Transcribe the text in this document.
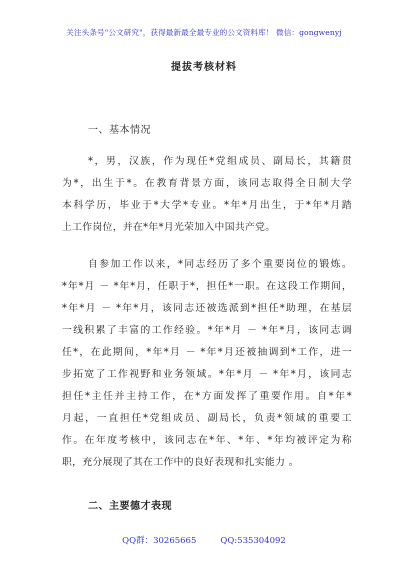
关注头条号"公文研究"，获得最新最全最专业的公文资料库！ 微信：gongwenyj
提拔考核材料
一、基本情况
*，男，汉族，作为现任*党组成员、副局长，其籍贯
为*，出生于*。在教育背景方面，该同志取得全日制大学
本科学历，毕业于*大学*专业。*年*月出生，于*年*月踏
上工作岗位，并在*年*月光荣加入中国共产党。
自参加工作以来，*同志经历了多个重要岗位的锻炼。
*年*月 － *年*月，任职于*，担任*一职。在这段工作期间，
*年*月 － *年*月，该同志还被选派到*担任*助理，在基层
一线积累了丰富的工作经验。*年*月 － *年*月，该同志调
任*，在此期间，*年*月 － *年*月还被抽调到*工作，进一
步拓宽了工作视野和业务领域。*年*月 － *年*月，该同志
担任*主任并主持工作，在*方面发挥了重要作用。自*年*
月起，一直担任*党组成员、副局长，负责*领域的重要工
作。在年度考核中，该同志在*年、*年、*年均被评定为称
职，充分展现了其在工作中的良好表现和扎实能力 。
二、主要德才表现
QQ群：30265665	QQ:535304092
